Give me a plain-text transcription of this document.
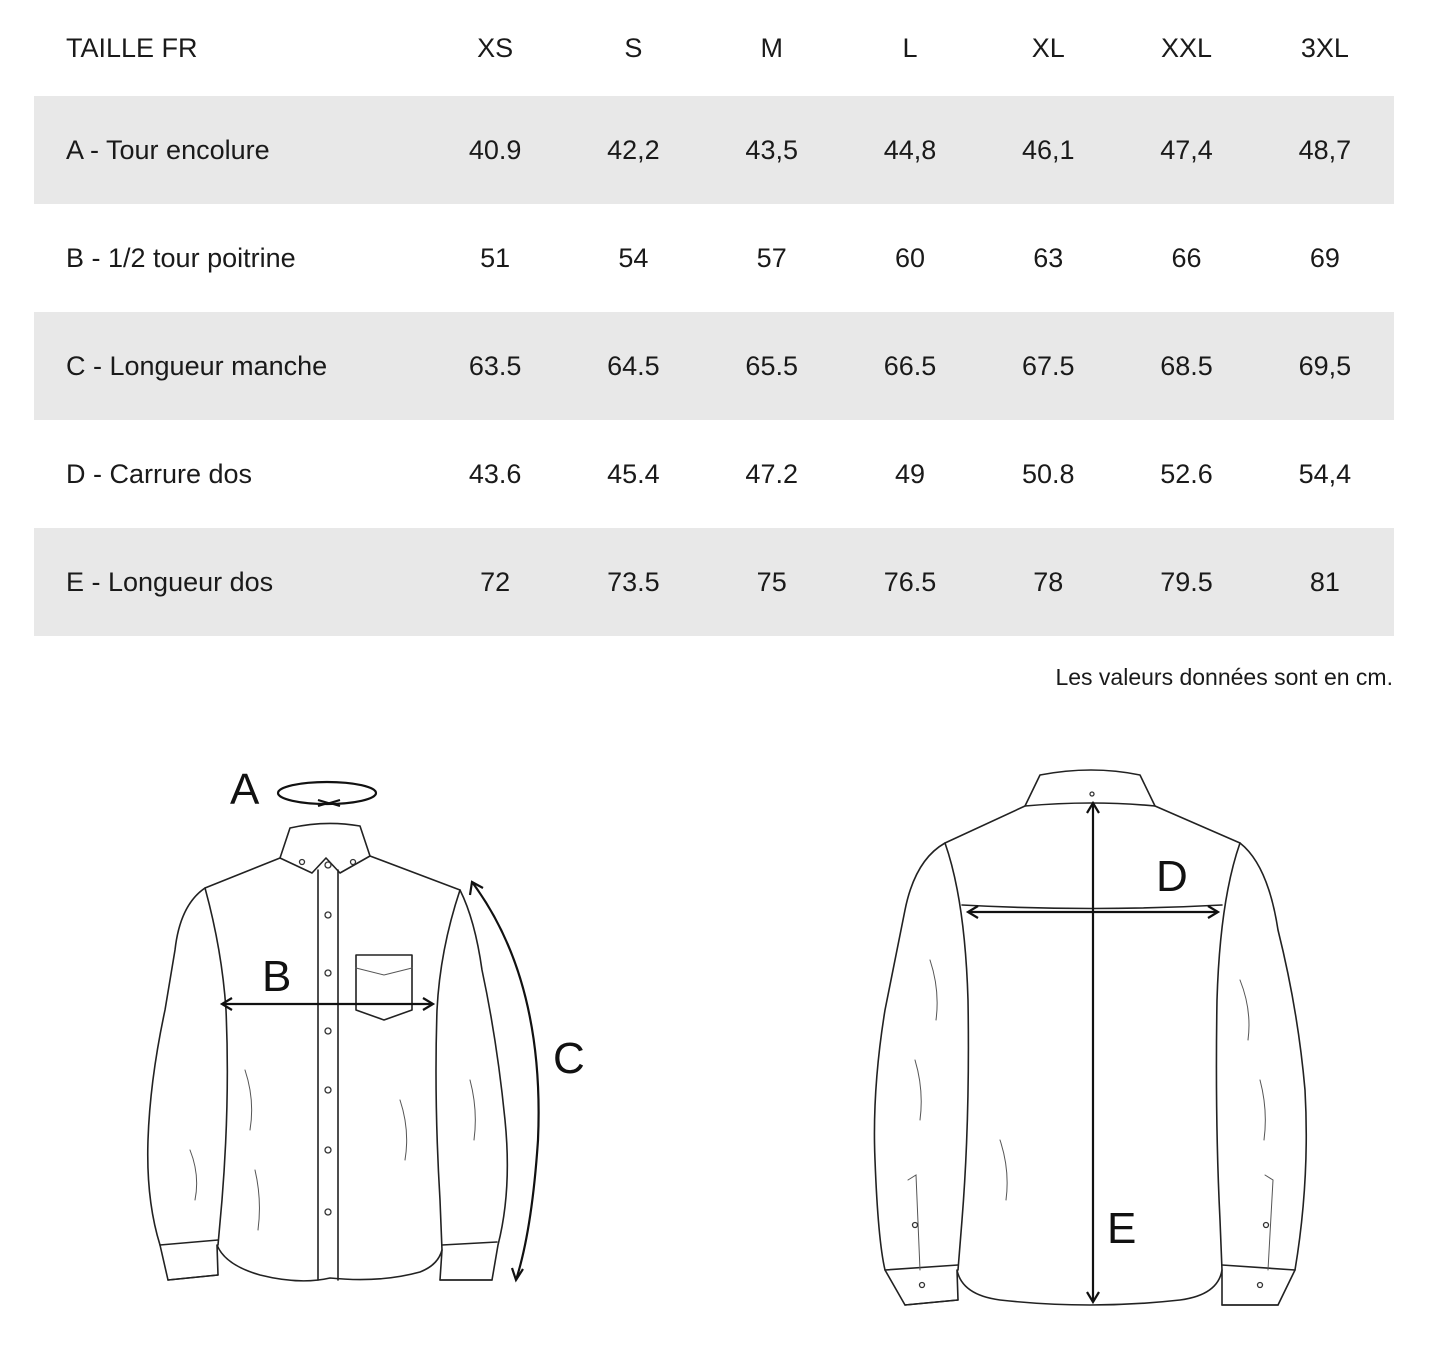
TAILLE FR	XS	S	M	L	XL	XXL	3XL
A - Tour encolure	40.9	42,2	43,5	44,8	46,1	47,4	48,7
B - 1/2 tour poitrine	51	54	57	60	63	66	69
C - Longueur manche	63.5	64.5	65.5	66.5	67.5	68.5	69,5
D - Carrure dos	43.6	45.4	47.2	49	50.8	52.6	54,4
E - Longueur dos	72	73.5	75	76.5	78	79.5	81
Les valeurs données sont en cm.
A
B
C
D
E
